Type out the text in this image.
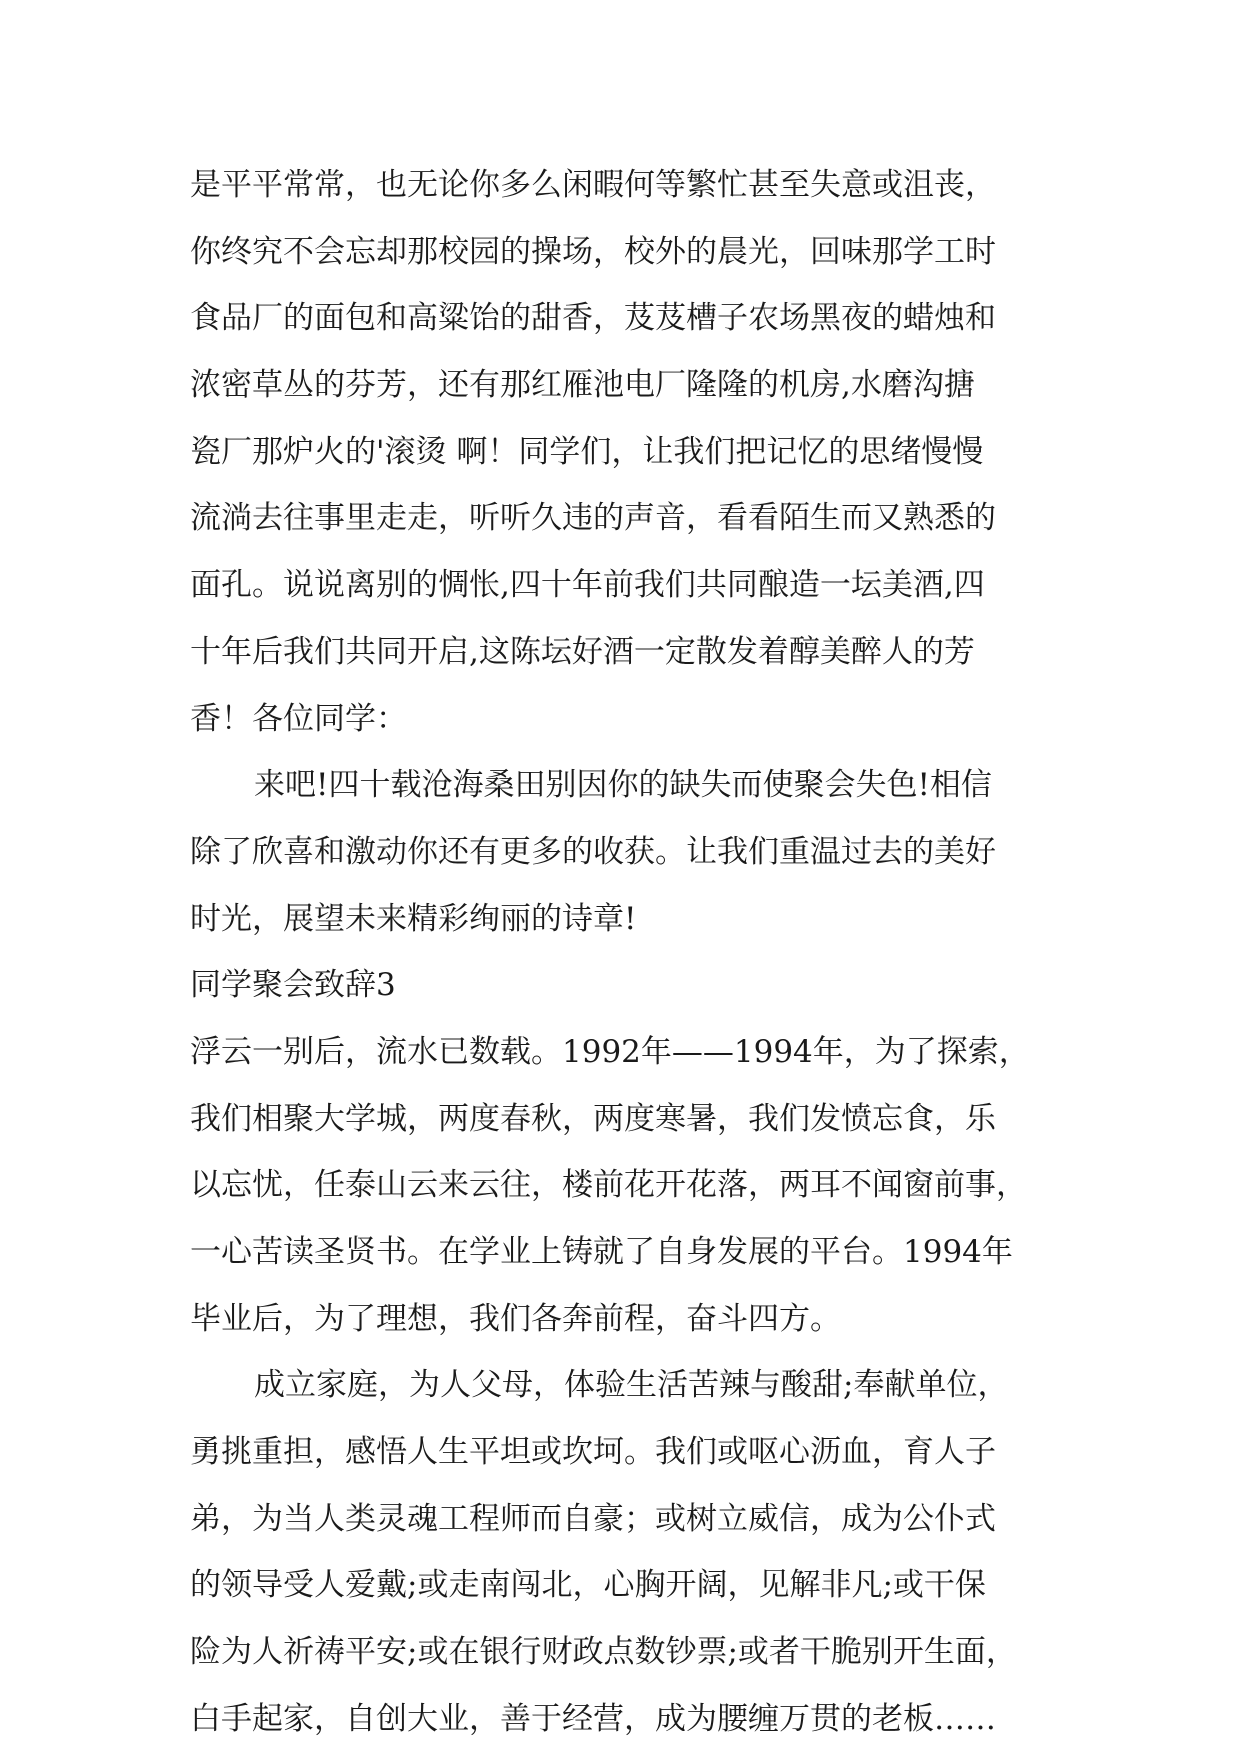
是平平常常，也无论你多么闲暇何等繁忙甚至失意或沮丧，
你终究不会忘却那校园的操场，校外的晨光，回味那学工时
食品厂的面包和高粱饴的甜香，芨芨槽子农场黑夜的蜡烛和
浓密草丛的芬芳，还有那红雁池电厂隆隆的机房,水磨沟搪
瓷厂那炉火的'滚烫 啊！同学们，让我们把记忆的思绪慢慢
流淌去往事里走走，听听久违的声音，看看陌生而又熟悉的
面孔。说说离别的惆怅,四十年前我们共同酿造一坛美酒,四
十年后我们共同开启,这陈坛好酒一定散发着醇美醉人的芳
香！各位同学：
来吧!四十载沧海桑田别因你的缺失而使聚会失色!相信
除了欣喜和激动你还有更多的收获。让我们重温过去的美好
时光，展望未来精彩绚丽的诗章!
同学聚会致辞3
浮云一别后，流水已数载。1992年——1994年，为了探索，
我们相聚大学城，两度春秋，两度寒暑，我们发愤忘食，乐
以忘忧，任泰山云来云往，楼前花开花落，两耳不闻窗前事，
一心苦读圣贤书。在学业上铸就了自身发展的平台。1994年
毕业后，为了理想，我们各奔前程，奋斗四方。
成立家庭，为人父母，体验生活苦辣与酸甜;奉献单位，
勇挑重担，感悟人生平坦或坎坷。我们或呕心沥血，育人子
弟，为当人类灵魂工程师而自豪；或树立威信，成为公仆式
的领导受人爱戴;或走南闯北，心胸开阔，见解非凡;或干保
险为人祈祷平安;或在银行财政点数钞票;或者干脆别开生面，
白手起家，自创大业，善于经营，成为腰缠万贯的老板……
